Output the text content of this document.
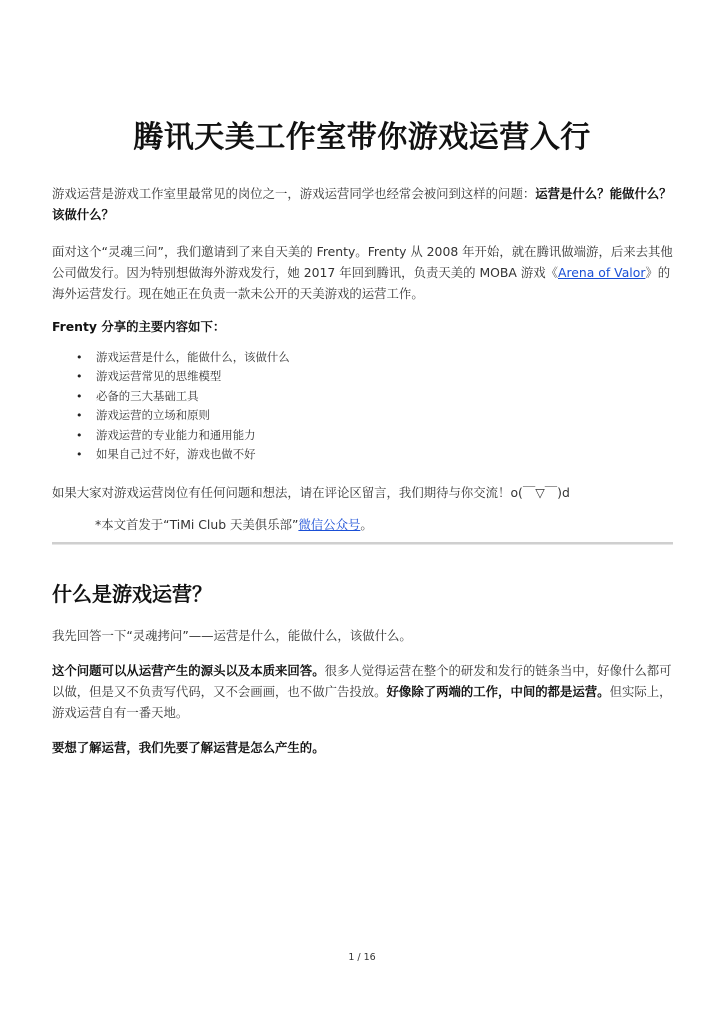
腾讯天美工作室带你游戏运营入行
游戏运营是游戏工作室里最常见的岗位之一，游戏运营同学也经常会被问到这样的问题：运营是什么？能做什么？该做什么？
面对这个“灵魂三问”，我们邀请到了来自天美的 Frenty。Frenty 从 2008 年开始，就在腾讯做端游，后来去其他公司做发行。因为特别想做海外游戏发行，她 2017 年回到腾讯，负责天美的 MOBA 游戏《Arena of Valor》的海外运营发行。现在她正在负责一款未公开的天美游戏的运营工作。
Frenty 分享的主要内容如下：
• 游戏运营是什么，能做什么，该做什么
• 游戏运营常见的思维模型
• 必备的三大基础工具
• 游戏运营的立场和原则
• 游戏运营的专业能力和通用能力
• 如果自己过不好，游戏也做不好
如果大家对游戏运营岗位有任何问题和想法，请在评论区留言，我们期待与你交流！o(￣▽￣)d
*本文首发于“TiMi Club 天美俱乐部”微信公众号。
什么是游戏运营？
我先回答一下“灵魂拷问”——运营是什么，能做什么，该做什么。
这个问题可以从运营产生的源头以及本质来回答。很多人觉得运营在整个的研发和发行的链条当中，好像什么都可以做，但是又不负责写代码，又不会画画，也不做广告投放。好像除了两端的工作，中间的都是运营。但实际上，游戏运营自有一番天地。
要想了解运营，我们先要了解运营是怎么产生的。
1 / 16
